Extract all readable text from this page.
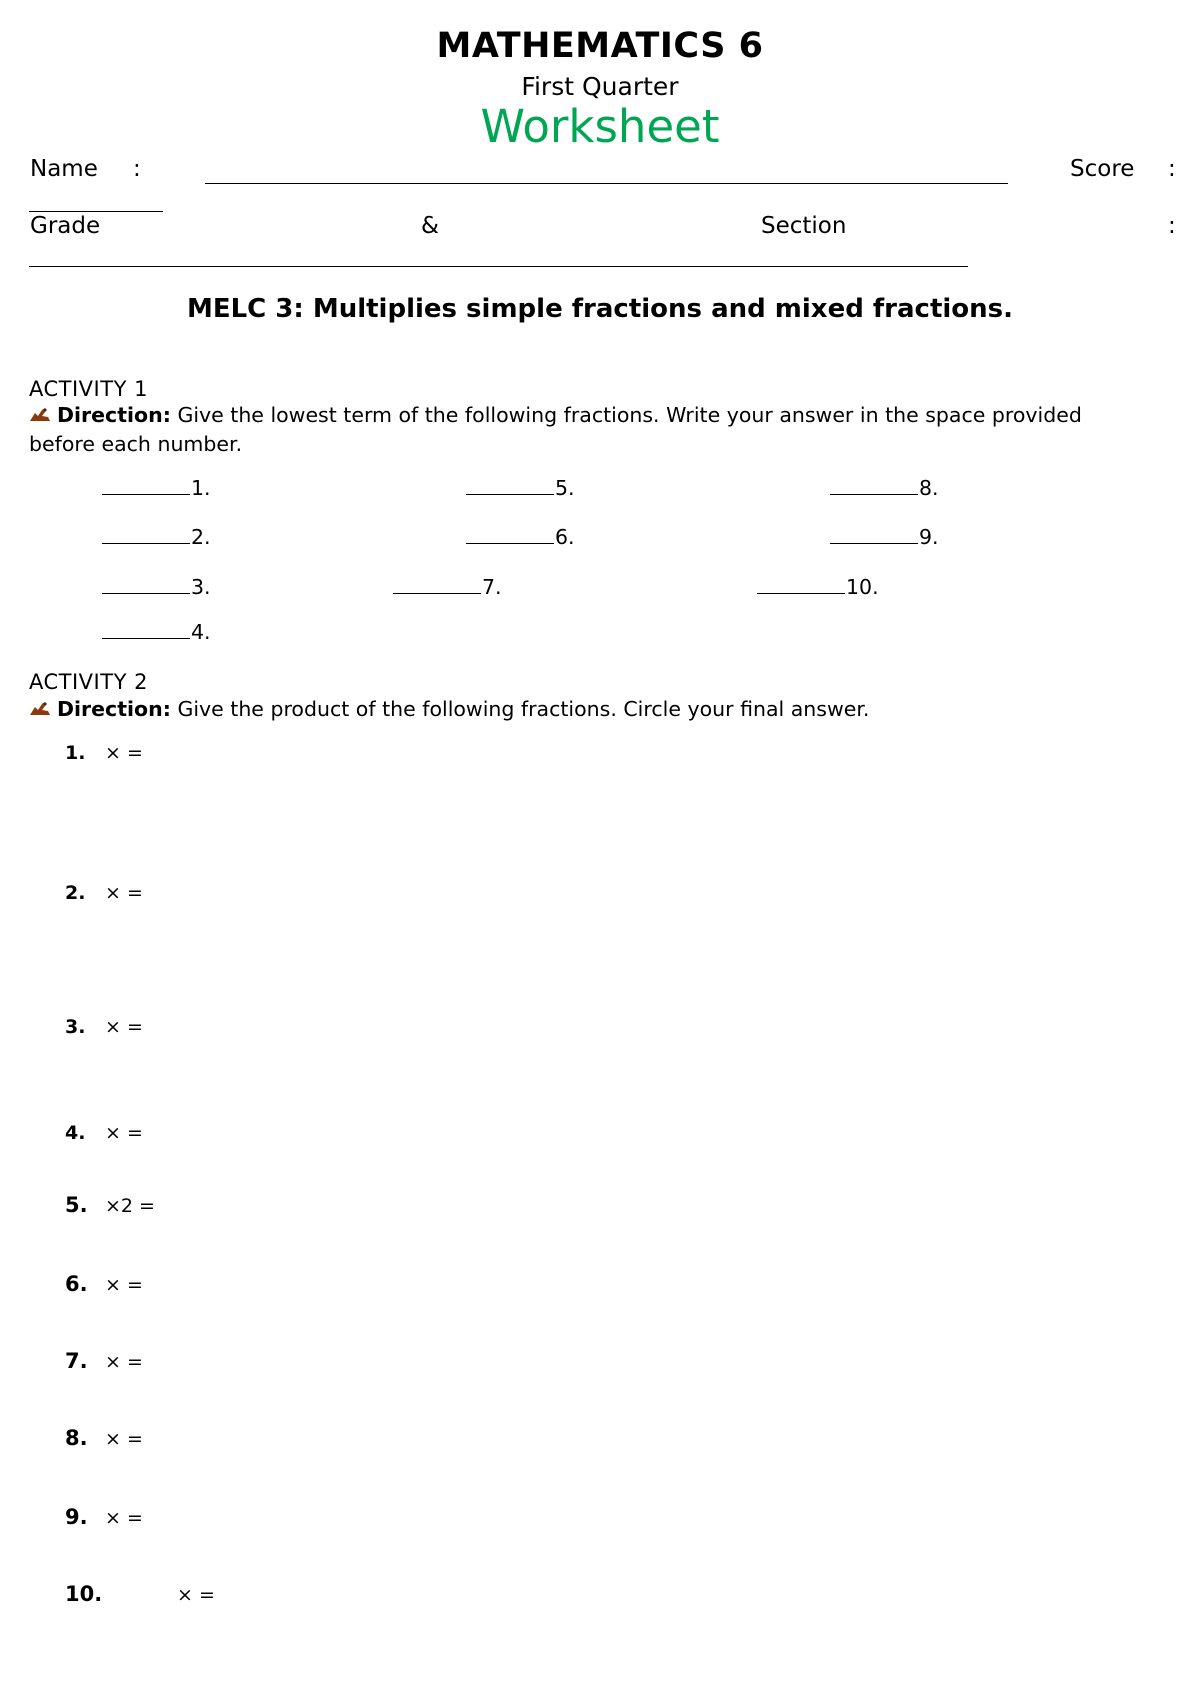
MATHEMATICS 6
First Quarter
Worksheet
Name :	Score :
Grade	&	Section	:
MELC 3: Multiplies simple fractions and mixed fractions.
ACTIVITY 1
Direction: Give the lowest term of the following fractions. Write your answer in the space provided
before each number.
1.
2.
3.
4.
5.
6.
7.
8.
9.
10.
ACTIVITY 2
Direction: Give the product of the following fractions. Circle your final answer.
1. × =
2. × =
3. × =
4. × =
5. ×2 =
6. × =
7. × =
8. × =
9. × =
10.	× =
